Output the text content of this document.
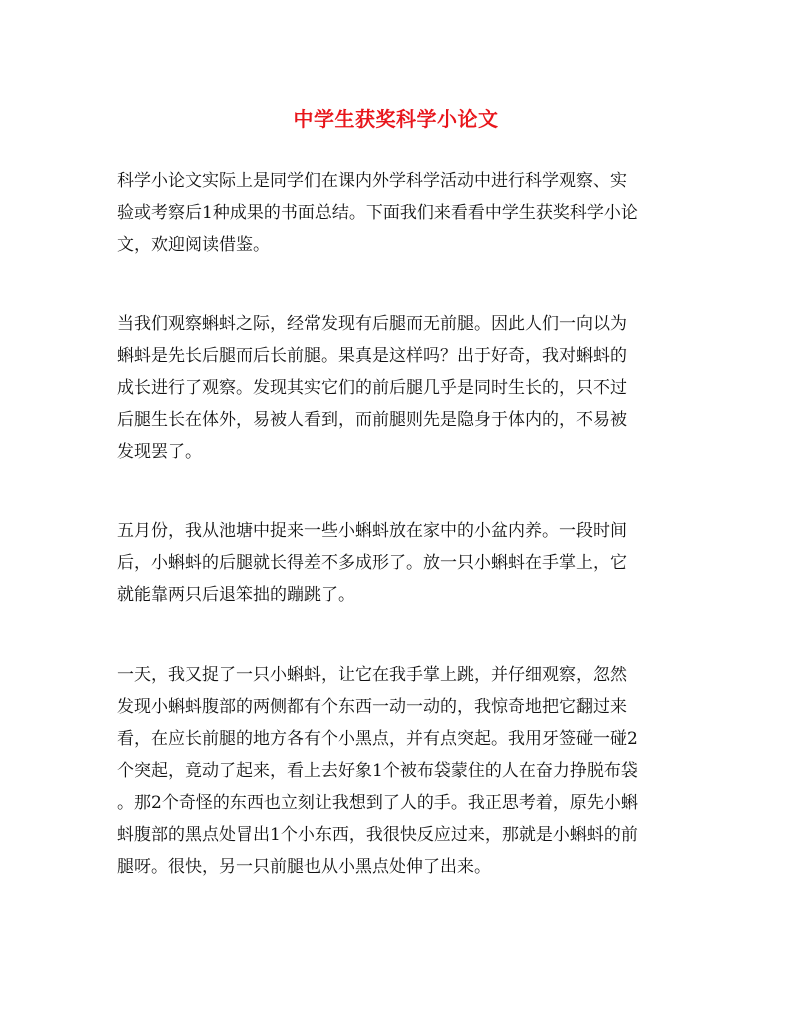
中学生获奖科学小论文

科学小论文实际上是同学们在课内外学科学活动中进行科学观察、实
验或考察后1种成果的书面总结。下面我们来看看中学生获奖科学小论
文，欢迎阅读借鉴。

当我们观察蝌蚪之际，经常发现有后腿而无前腿。因此人们一向以为
蝌蚪是先长后腿而后长前腿。果真是这样吗？出于好奇，我对蝌蚪的
成长进行了观察。发现其实它们的前后腿几乎是同时生长的，只不过
后腿生长在体外，易被人看到，而前腿则先是隐身于体内的，不易被
发现罢了。

五月份，我从池塘中捉来一些小蝌蚪放在家中的小盆内养。一段时间
后，小蝌蚪的后腿就长得差不多成形了。放一只小蝌蚪在手掌上，它
就能靠两只后退笨拙的蹦跳了。

一天，我又捉了一只小蝌蚪，让它在我手掌上跳，并仔细观察，忽然
发现小蝌蚪腹部的两侧都有个东西一动一动的，我惊奇地把它翻过来
看，在应长前腿的地方各有个小黑点，并有点突起。我用牙签碰一碰2
个突起，竟动了起来，看上去好象1个被布袋蒙住的人在奋力挣脱布袋
。那2个奇怪的东西也立刻让我想到了人的手。我正思考着，原先小蝌
蚪腹部的黑点处冒出1个小东西，我很快反应过来，那就是小蝌蚪的前
腿呀。很快，另一只前腿也从小黑点处伸了出来。
